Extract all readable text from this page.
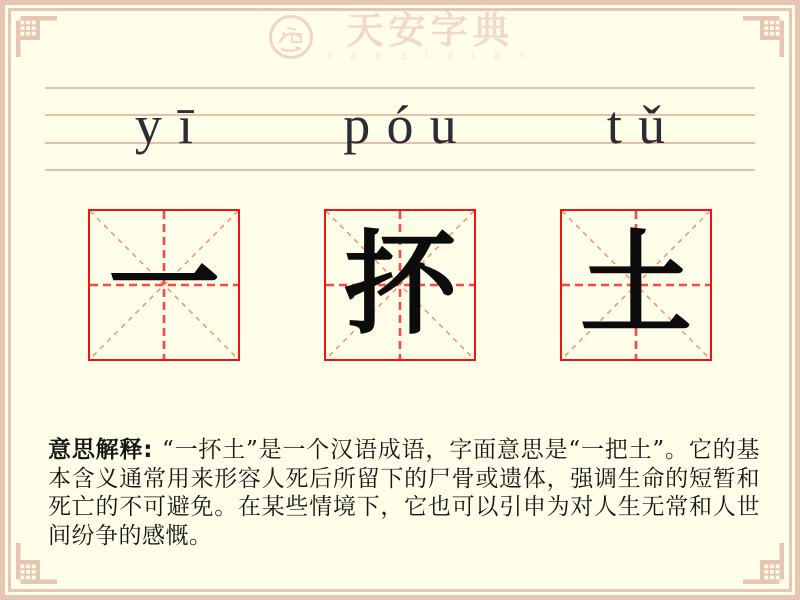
天安字典
t a n z i d i a n
yī	póu	tǔ
一 抔 土

意思解释: “一抔土”是一个汉语成语，字面意思是“一把土”。它的基本含义通常用来形容人死后所留下的尸骨或遗体，强调生命的短暂和死亡的不可避免。在某些情境下，它也可以引申为对人生无常和人世间纷争的感慨。
